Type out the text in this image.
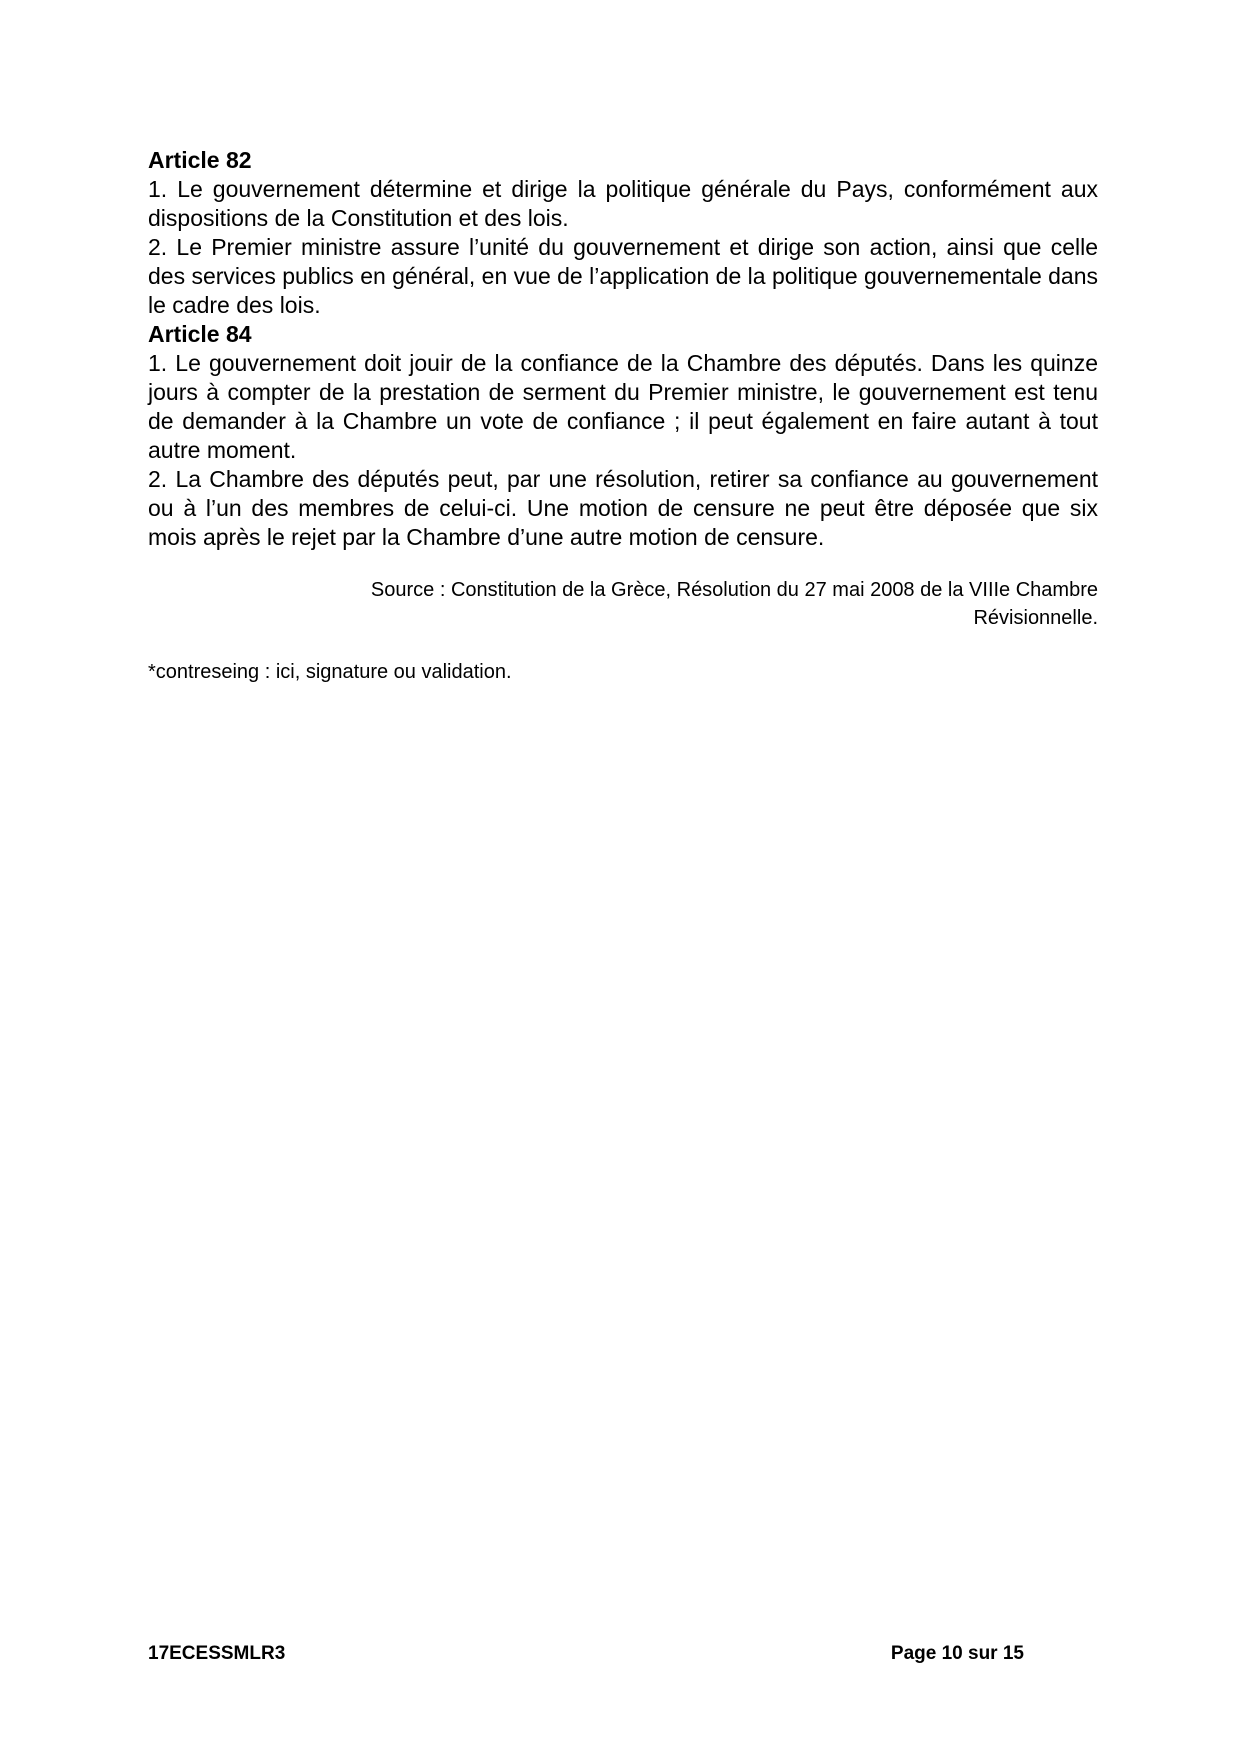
Article 82

1. Le gouvernement détermine et dirige la politique générale du Pays, conformément aux dispositions de la Constitution et des lois.

2. Le Premier ministre assure l’unité du gouvernement et dirige son action, ainsi que celle des services publics en général, en vue de l’application de la politique gouvernementale dans le cadre des lois.

Article 84

1. Le gouvernement doit jouir de la confiance de la Chambre des députés. Dans les quinze jours à compter de la prestation de serment du Premier ministre, le gouvernement est tenu de demander à la Chambre un vote de confiance ; il peut également en faire autant à tout autre moment.

2. La Chambre des députés peut, par une résolution, retirer sa confiance au gouvernement ou à l’un des membres de celui-ci. Une motion de censure ne peut être déposée que six mois après le rejet par la Chambre d’une autre motion de censure.

Source : Constitution de la Grèce, Résolution du 27 mai 2008 de la VIIIe Chambre
Révisionnelle.
*contreseing : ici, signature ou validation.
17ECESSMLR3	Page 10 sur 15
